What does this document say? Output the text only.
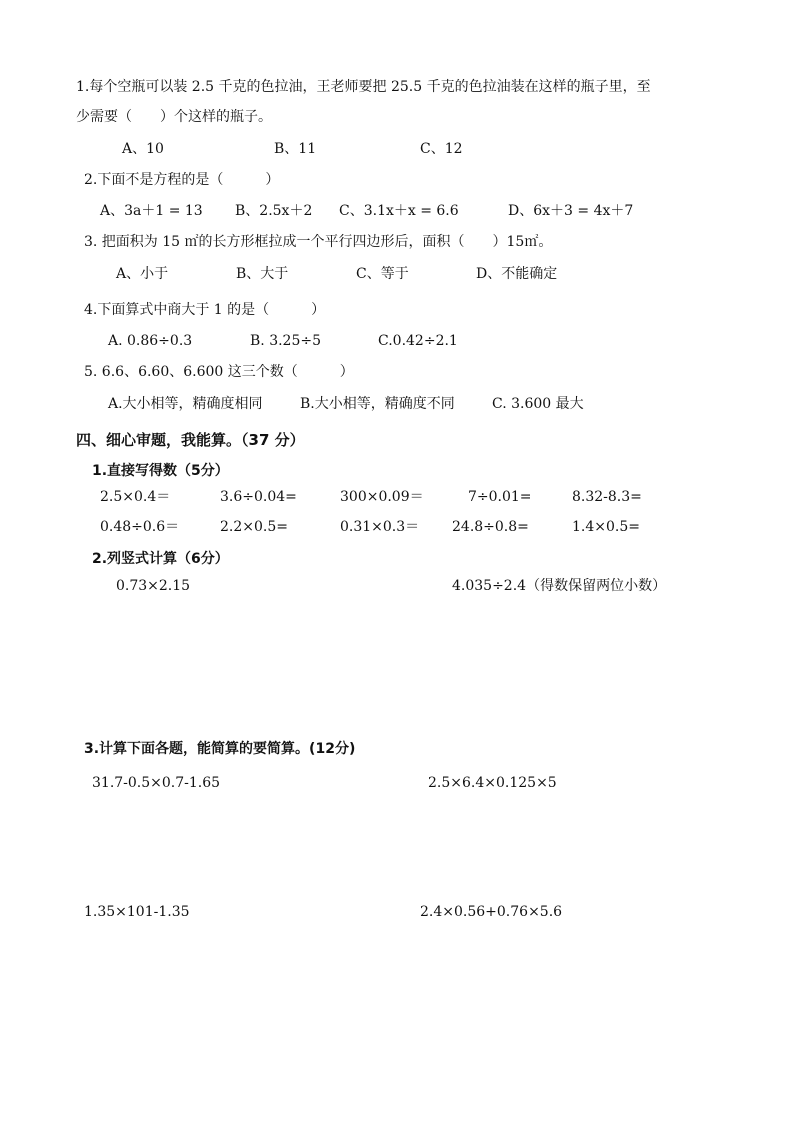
1.每个空瓶可以装 2.5 千克的色拉油，王老师要把 25.5 千克的色拉油装在这样的瓶子里，至
少需要（　　）个这样的瓶子。
A、10	B、11	C、12
2.下面不是方程的是（　　　）
A、3a＋1 = 13 B、2.5x＋2 C、3.1x＋x = 6.6	D、6x＋3 = 4x＋7
3. 把面积为 15 ㎡的长方形框拉成一个平行四边形后，面积（　　）15㎡。
A、小于	B、大于	C、等于	D、不能确定
4.下面算式中商大于 1 的是（　　　）
A. 0.86÷0.3	B. 3.25÷5	C.0.42÷2.1
5. 6.6、6.60、6.600 这三个数（　　　）
A.大小相等，精确度相同	B.大小相等，精确度不同	C. 3.600 最大
四、细心审题，我能算。（37 分）
1.直接写得数（5分）
2.5×0.4＝	3.6÷0.04=	300×0.09＝	7÷0.01=	8.32-8.3=
0.48÷0.6＝	2.2×0.5=	0.31×0.3＝ 24.8÷0.8=	1.4×0.5=
2.列竖式计算（6分）
0.73×2.15	4.035÷2.4（得数保留两位小数）
3.计算下面各题，能简算的要简算。(12分)
31.7-0.5×0.7-1.65	2.5×6.4×0.125×5
1.35×101-1.35	2.4×0.56+0.76×5.6
